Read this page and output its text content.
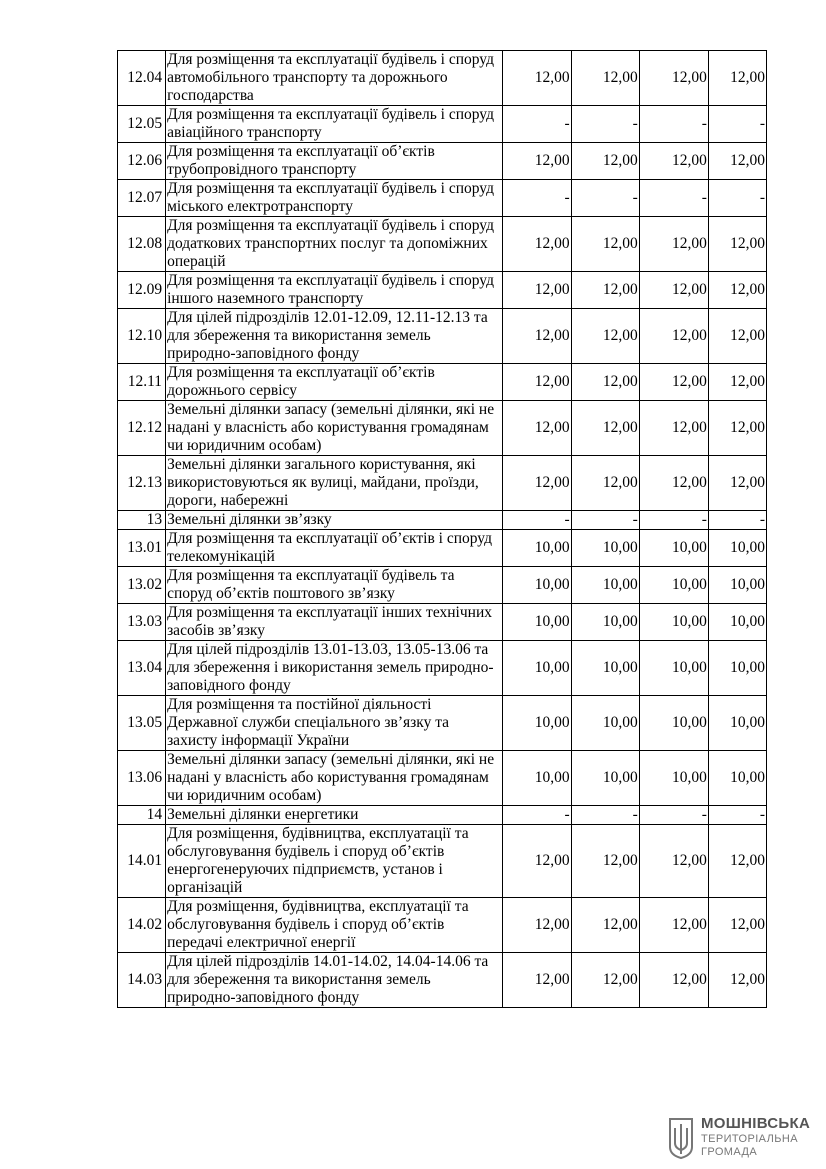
12.04	Для розміщення та експлуатації будівель і споруд автомобільного транспорту та дорожнього господарства	12,00	12,00	12,00	12,00
12.05	Для розміщення та експлуатації будівель і споруд авіаційного транспорту	-	-	-	-
12.06	Для розміщення та експлуатації об’єктів трубопровідного транспорту	12,00	12,00	12,00	12,00
12.07	Для розміщення та експлуатації будівель і споруд міського електротранспорту	-	-	-	-
12.08	Для розміщення та експлуатації будівель і споруд додаткових транспортних послуг та допоміжних операцій	12,00	12,00	12,00	12,00
12.09	Для розміщення та експлуатації будівель і споруд іншого наземного транспорту	12,00	12,00	12,00	12,00
12.10	Для цілей підрозділів 12.01-12.09, 12.11-12.13 та для збереження та використання земель природно-заповідного фонду	12,00	12,00	12,00	12,00
12.11	Для розміщення та експлуатації об’єктів дорожнього сервісу	12,00	12,00	12,00	12,00
12.12	Земельні ділянки запасу (земельні ділянки, які не надані у власність або користування громадянам чи юридичним особам)	12,00	12,00	12,00	12,00
12.13	Земельні ділянки загального користування, які використовуються як вулиці, майдани, проїзди, дороги, набережні	12,00	12,00	12,00	12,00
13	Земельні ділянки зв’язку	-	-	-	-
13.01	Для розміщення та експлуатації об’єктів і споруд телекомунікацій	10,00	10,00	10,00	10,00
13.02	Для розміщення та експлуатації будівель та споруд об’єктів поштового зв’язку	10,00	10,00	10,00	10,00
13.03	Для розміщення та експлуатації інших технічних засобів зв’язку	10,00	10,00	10,00	10,00
13.04	Для цілей підрозділів 13.01-13.03, 13.05-13.06 та для збереження і використання земель природно-заповідного фонду	10,00	10,00	10,00	10,00
13.05	Для розміщення та постійної діяльності Державної служби спеціального зв’язку та захисту інформації України	10,00	10,00	10,00	10,00
13.06	Земельні ділянки запасу (земельні ділянки, які не надані у власність або користування громадянам чи юридичним особам)	10,00	10,00	10,00	10,00
14	Земельні ділянки енергетики	-	-	-	-
14.01	Для розміщення, будівництва, експлуатації та обслуговування будівель і споруд об’єктів енергогенеруючих підприємств, установ і організацій	12,00	12,00	12,00	12,00
14.02	Для розміщення, будівництва, експлуатації та обслуговування будівель і споруд об’єктів передачі електричної енергії	12,00	12,00	12,00	12,00
14.03	Для цілей підрозділів 14.01-14.02, 14.04-14.06 та для збереження та використання земель природно-заповідного фонду	12,00	12,00	12,00	12,00
МОШНІВСЬКА
ТЕРИТОРІАЛЬНА
ГРОМАДА
